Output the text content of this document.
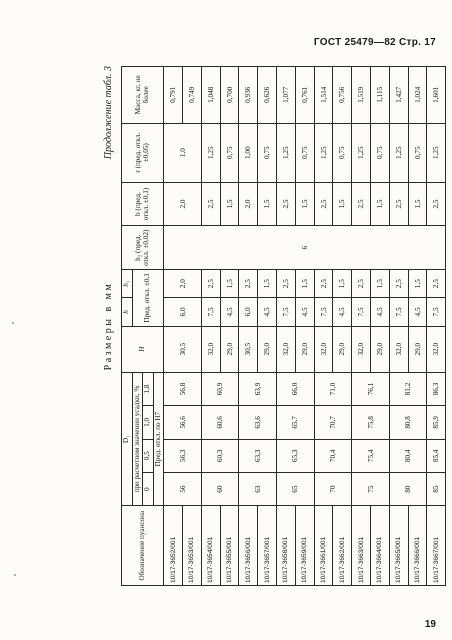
ГОСТ 25479—82 Стр. 17
Размеры в мм
Продолжение табл. 3
Обозначение пуансона	D₁				H	h	h₁	h₂ (пред. откл. ±0,02)	b (пред. откл. ±0,1)	r (пред. откл. ±0,05)	Масса, кг, не более
	при расчетном значении усадки, %					Пред. откл. ±0,1					
	0	0,5	1,0	1,8							
	Пред. откл. по H7										
10/17-3652/001	56	56,3	56,6	56,8	30,5	6,0	2,0	6	2,0	1,0	0,791
10/17-3653/001											0,749
10/17-3654/001	60	60,3	60,6	60,9	32,0	7,5	2,5		2,5	1,25	1,048
10/17-3655/001					29,0	4,5	1,5		1,5	0,75	0,700
10/17-3656/001	63	63,3	63,6	63,9	30,5	6,0	2,5		2,0	1,00	0,936
10/17-3657/001					29,0	4,5	1,5		1,5	0,75	0,626
10/17-3658/001	65	65,3	65,7	66,0	32,0	7,5	2,5		2,5	1,25	1,077
10/17-3659/001					29,0	4,5	1,5		1,5	0,75	0,761
10/17-3661/001	70	70,4	70,7	71,0	32,0	7,5	2,5		2,5	1,25	1,514
10/17-3662/001					29,0	4,5	1,5		1,5	0,75	0,756
10/17-3663/001	75	75,4	75,8	76,1	32,0	7,5	2,5		2,5	1,25	1,519
10/17-3664/001					29,0	4,5	1,5		1,5	0,75	1,115
10/17-3665/001	80	80,4	80,8	81,2	32,0	7,5	2,5		2,5	1,25	1,427
10/17-3666/001					29,0	4,5	1,5		1,5	0,75	1,024
10/17-3667/001	85	85,4	85,9	86,3	32,0	7,5	2,5		2,5	1,25	1,601
19
